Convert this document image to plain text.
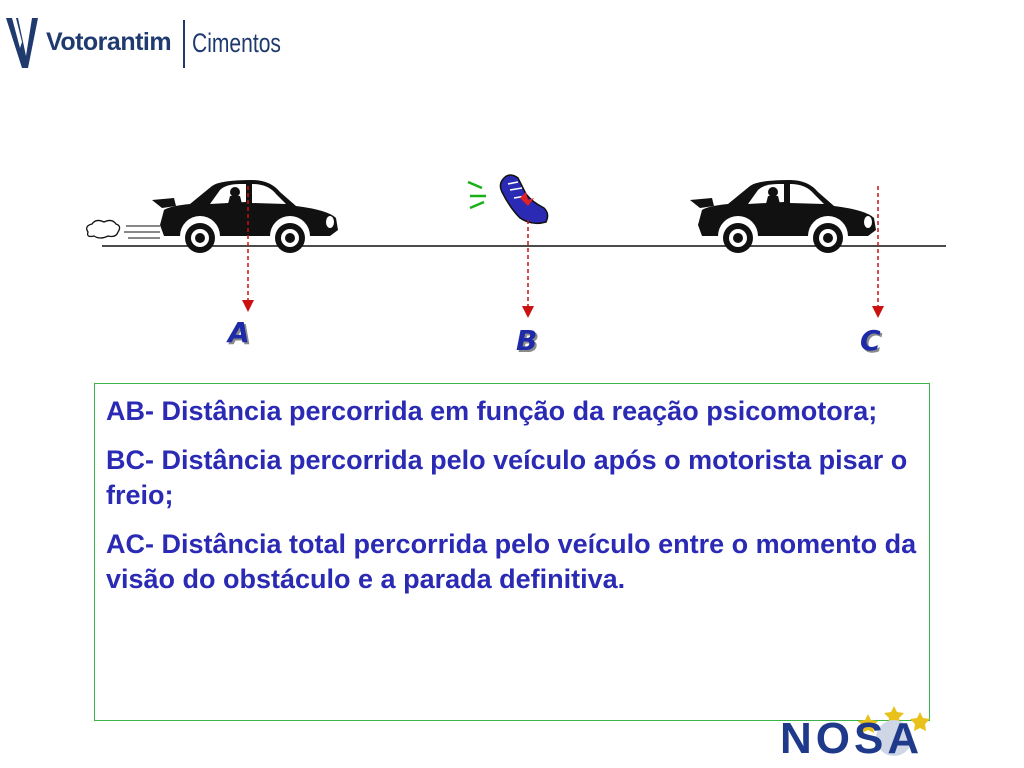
Votorantim Cimentos
A	B	C

AB- Distância percorrida em função da reação psicomotora;

BC- Distância percorrida pelo veículo após o motorista pisar o freio;

AC- Distância total percorrida pelo veículo entre o momento da visão do obstáculo e a parada definitiva.

NOSA
